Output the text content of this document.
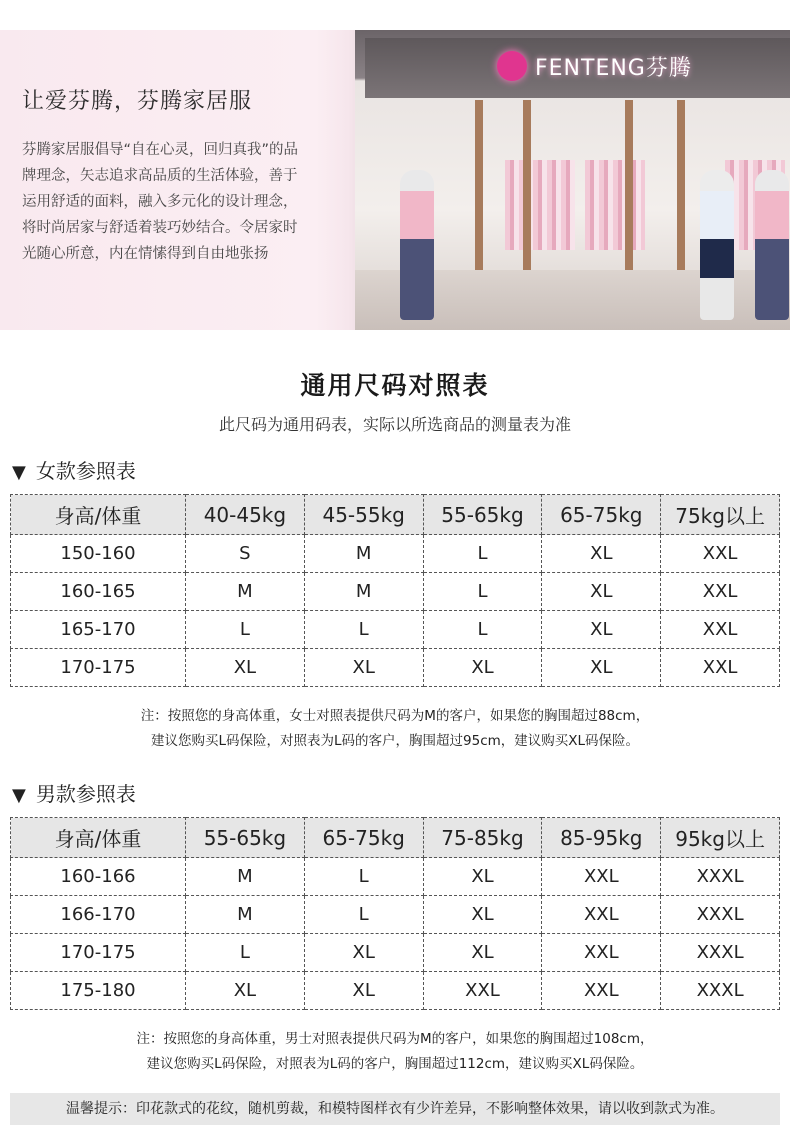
让爱芬腾，芬腾家居服
芬腾家居服倡导“自在心灵，回归真我”的品
牌理念，矢志追求高品质的生活体验，善于
运用舒适的面料，融入多元化的设计理念，
将时尚居家与舒适着装巧妙结合。令居家时
光随心所意，内在情愫得到自由地张扬
FENTENG芬腾
通用尺码对照表
此尺码为通用码表，实际以所选商品的测量表为准
▼ 女款参照表
身高/体重	40-45kg	45-55kg	55-65kg	65-75kg	75kg以上
150-160	S	M	L	XL	XXL
160-165	M	M	L	XL	XXL
165-170	L	L	L	XL	XXL
170-175	XL	XL	XL	XL	XXL
注：按照您的身高体重，女士对照表提供尺码为M的客户，如果您的胸围超过88cm，
建议您购买L码保险，对照表为L码的客户，胸围超过95cm，建议购买XL码保险。
▼ 男款参照表
身高/体重	55-65kg	65-75kg	75-85kg	85-95kg	95kg以上
160-166	M	L	XL	XXL	XXXL
166-170	M	L	XL	XXL	XXXL
170-175	L	XL	XL	XXL	XXXL
175-180	XL	XL	XXL	XXL	XXXL
注：按照您的身高体重，男士对照表提供尺码为M的客户，如果您的胸围超过108cm，
建议您购买L码保险，对照表为L码的客户，胸围超过112cm，建议购买XL码保险。
温馨提示：印花款式的花纹，随机剪裁，和模特图样衣有少许差异，不影响整体效果，请以收到款式为准。
